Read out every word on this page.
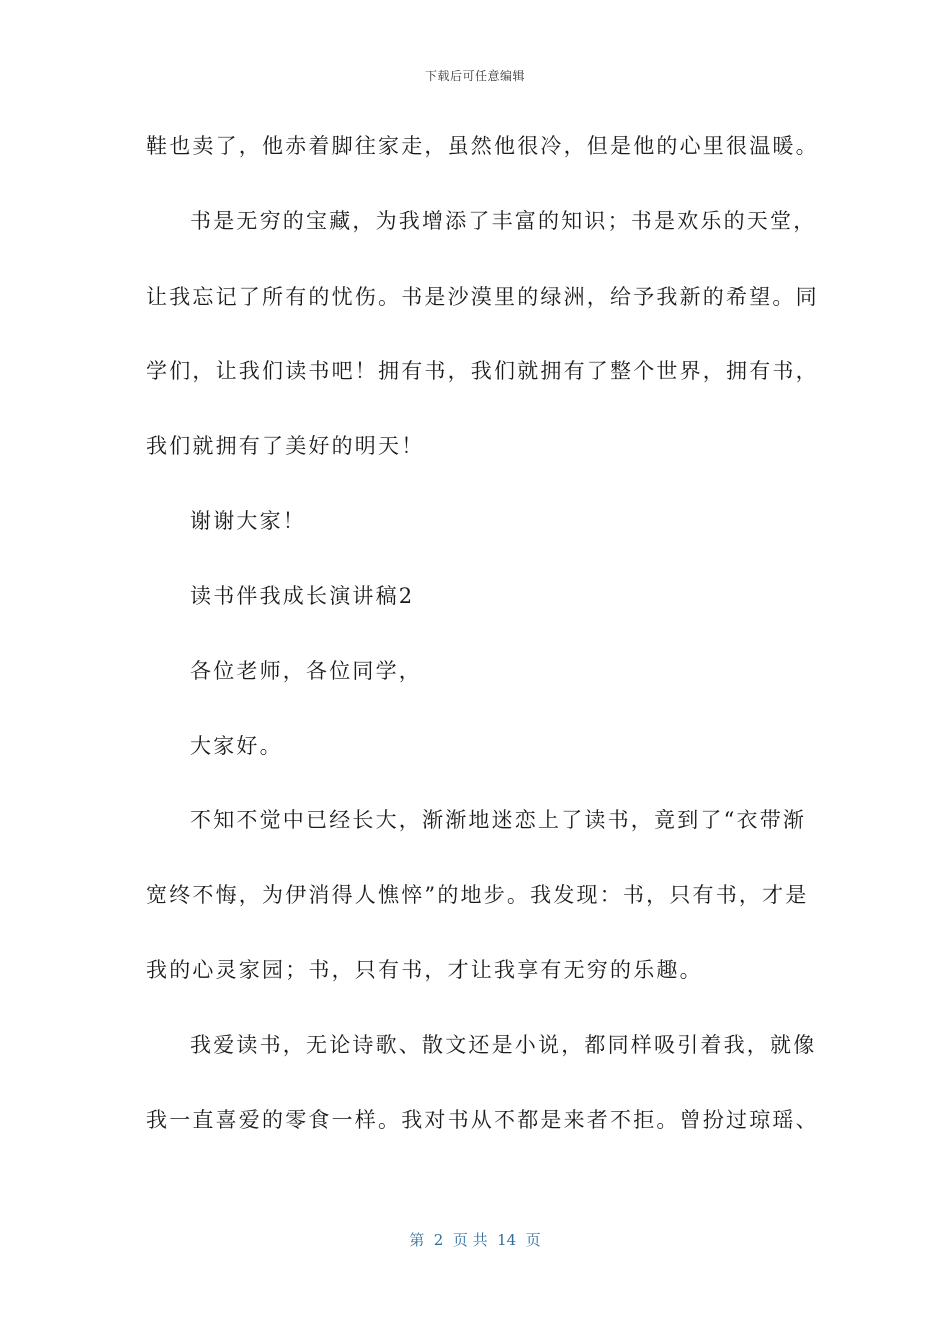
下载后可任意编辑
鞋也卖了，他赤着脚往家走，虽然他很冷，但是他的心里很温暖。
书是无穷的宝藏，为我增添了丰富的知识；书是欢乐的天堂，
让我忘记了所有的忧伤。书是沙漠里的绿洲，给予我新的希望。同
学们，让我们读书吧！拥有书，我们就拥有了整个世界，拥有书，
我们就拥有了美好的明天！
谢谢大家！
读书伴我成长演讲稿2
各位老师，各位同学，
大家好。
不知不觉中已经长大，渐渐地迷恋上了读书，竟到了“衣带渐
宽终不悔，为伊消得人憔悴”的地步。我发现：书，只有书，才是
我的心灵家园；书，只有书，才让我享有无穷的乐趣。
我爱读书，无论诗歌、散文还是小说，都同样吸引着我，就像
我一直喜爱的零食一样。我对书从不都是来者不拒。曾扮过琼瑶、
第  2  页 共  14  页
